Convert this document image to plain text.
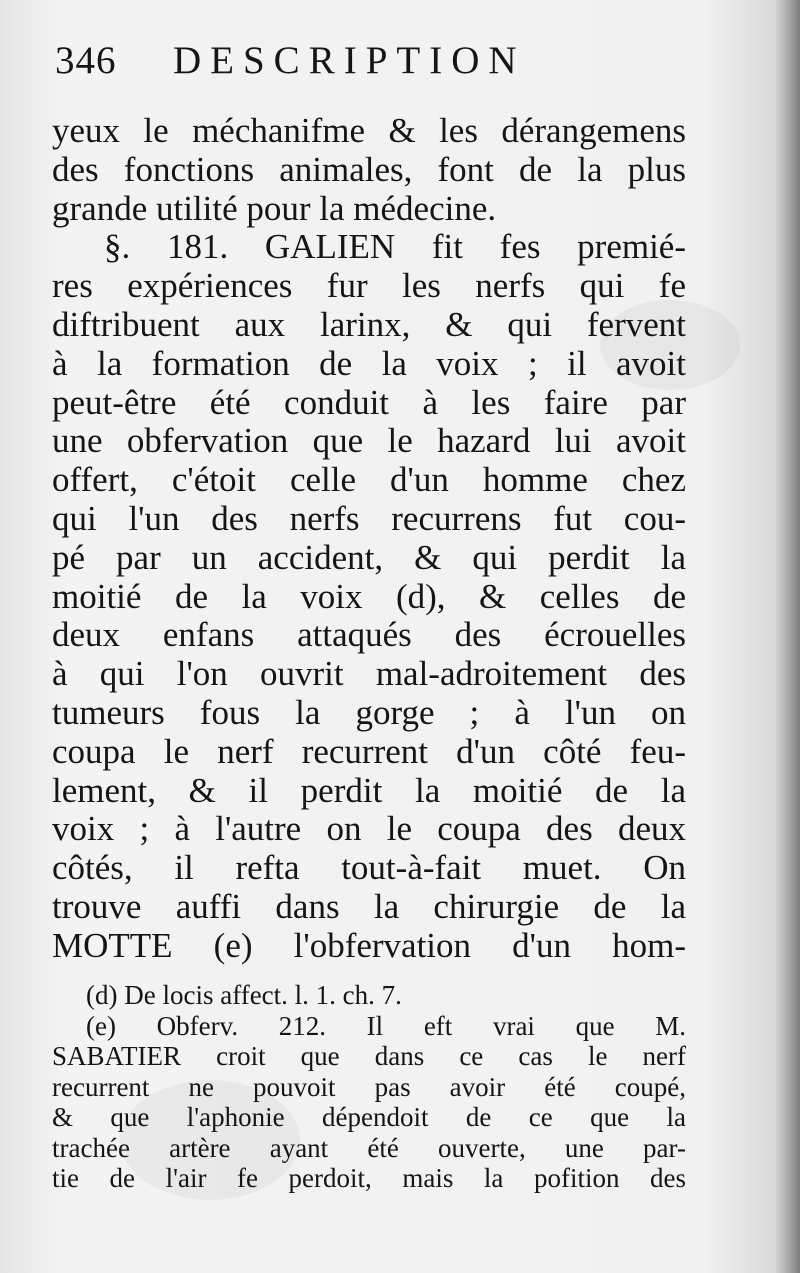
346 DESCRIPTION
yeux le méchanifme & les dérangemens
des fonctions animales, font de la plus
grande utilité pour la médecine.
§. 181. GALIEN fit fes premié-
res expériences fur les nerfs qui fe
diftribuent aux larinx, & qui fervent
à la formation de la voix ; il avoit
peut-être été conduit à les faire par
une obfervation que le hazard lui avoit
offert, c'étoit celle d'un homme chez
qui l'un des nerfs recurrens fut cou-
pé par un accident, & qui perdit la
moitié de la voix (d), & celles de
deux enfans attaqués des écrouelles
à qui l'on ouvrit mal-adroitement des
tumeurs fous la gorge ; à l'un on
coupa le nerf recurrent d'un côté feu-
lement, & il perdit la moitié de la
voix ; à l'autre on le coupa des deux
côtés, il refta tout-à-fait muet. On
trouve auffi dans la chirurgie de la
MOTTE (e) l'obfervation d'un hom-
(d) De locis affect. l. 1. ch. 7.
(e) Obferv. 212. Il eft vrai que M.
SABATIER croit que dans ce cas le nerf
recurrent ne pouvoit pas avoir été coupé,
& que l'aphonie dépendoit de ce que la
trachée artère ayant été ouverte, une par-
tie de l'air fe perdoit, mais la pofition des
